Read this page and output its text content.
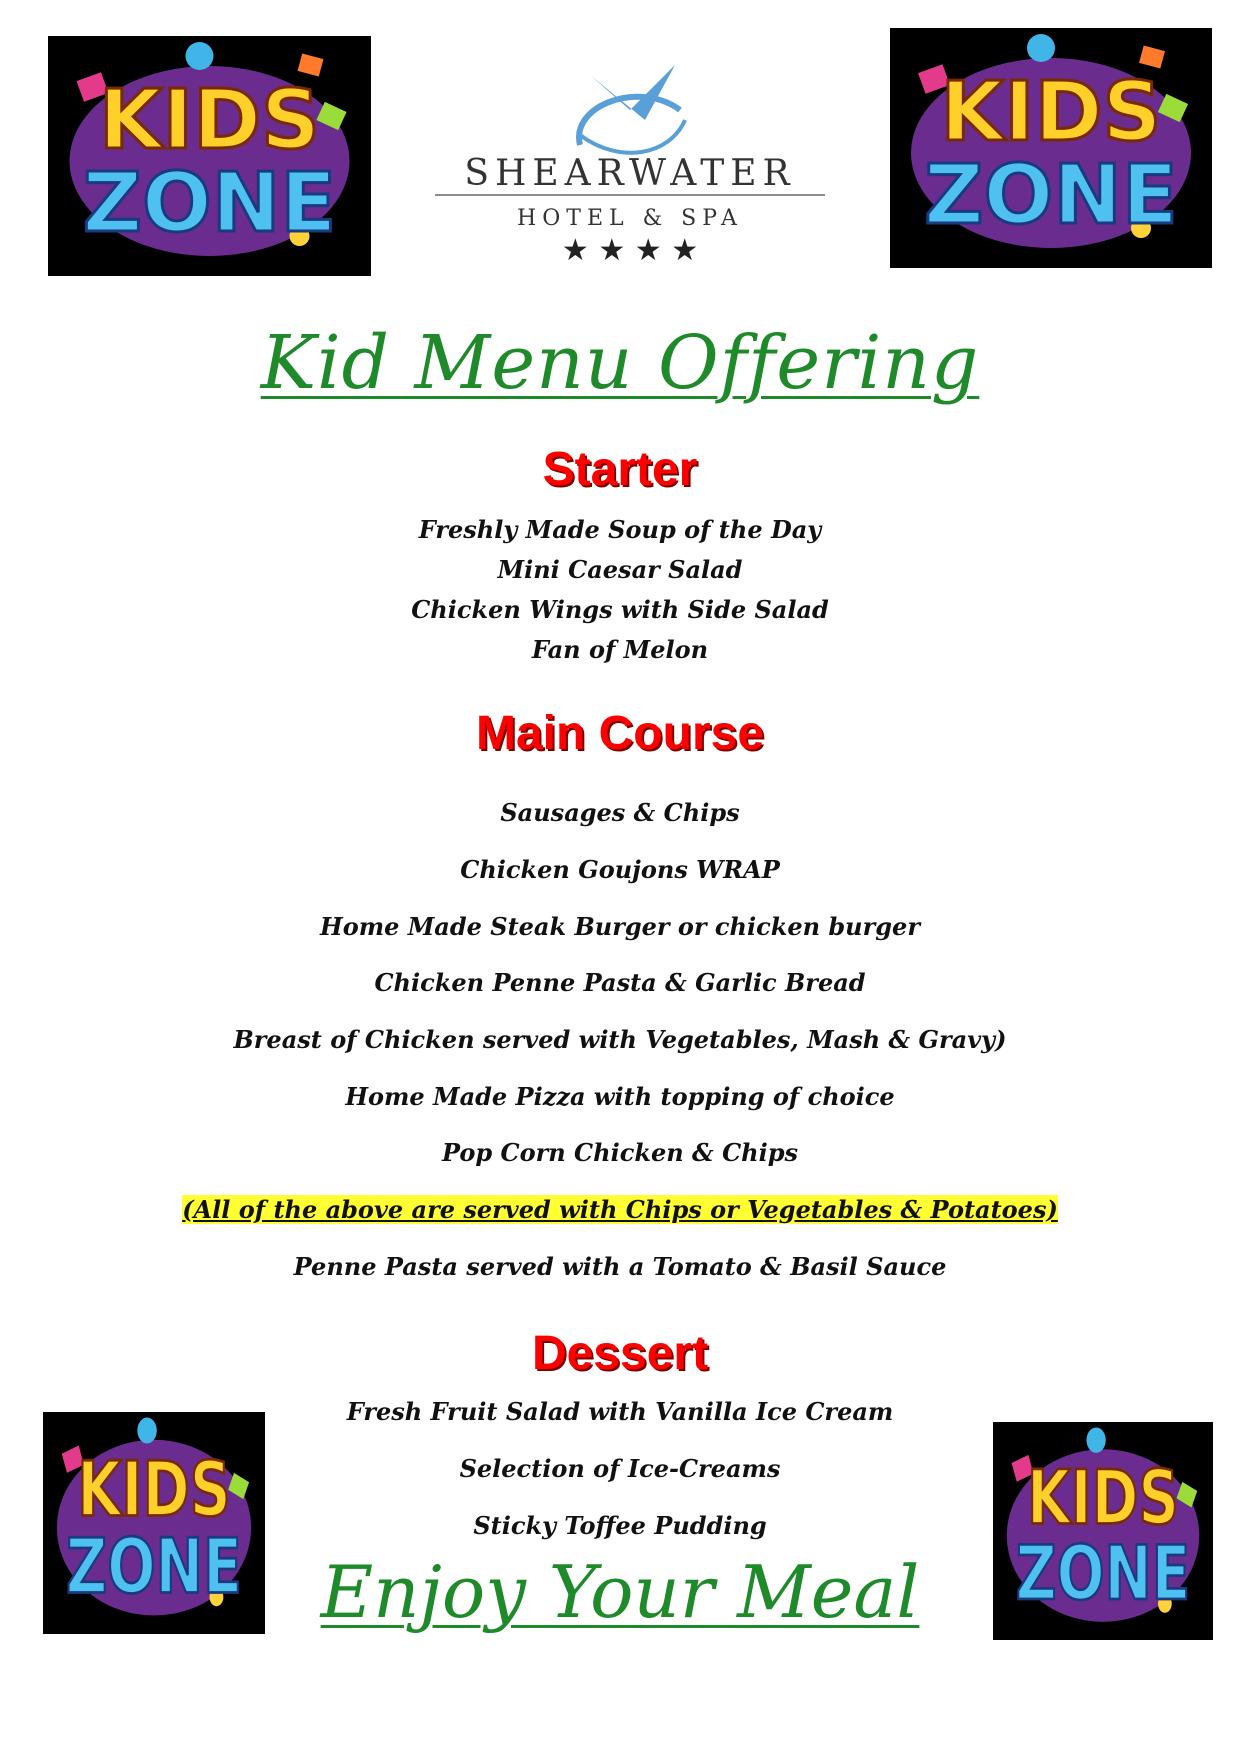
KIDS
ZONE
KIDS
ZONE
KIDS
ZONE
KIDS
ZONE
SHEARWATER
HOTEL & SPA
★ ★ ★ ★
Kid Menu Offering
Starter
Freshly Made Soup of the Day
Mini Caesar Salad
Chicken Wings with Side Salad
Fan of Melon
Main Course
Sausages & Chips
Chicken Goujons WRAP
Home Made Steak Burger or chicken burger
Chicken Penne Pasta & Garlic Bread
Breast of Chicken served with Vegetables, Mash & Gravy)
Home Made Pizza with topping of choice
Pop Corn Chicken & Chips
(All of the above are served with Chips or Vegetables & Potatoes)
Penne Pasta served with a Tomato & Basil Sauce
Dessert
Fresh Fruit Salad with Vanilla Ice Cream
Selection of Ice-Creams
Sticky Toffee Pudding
Enjoy Your Meal
